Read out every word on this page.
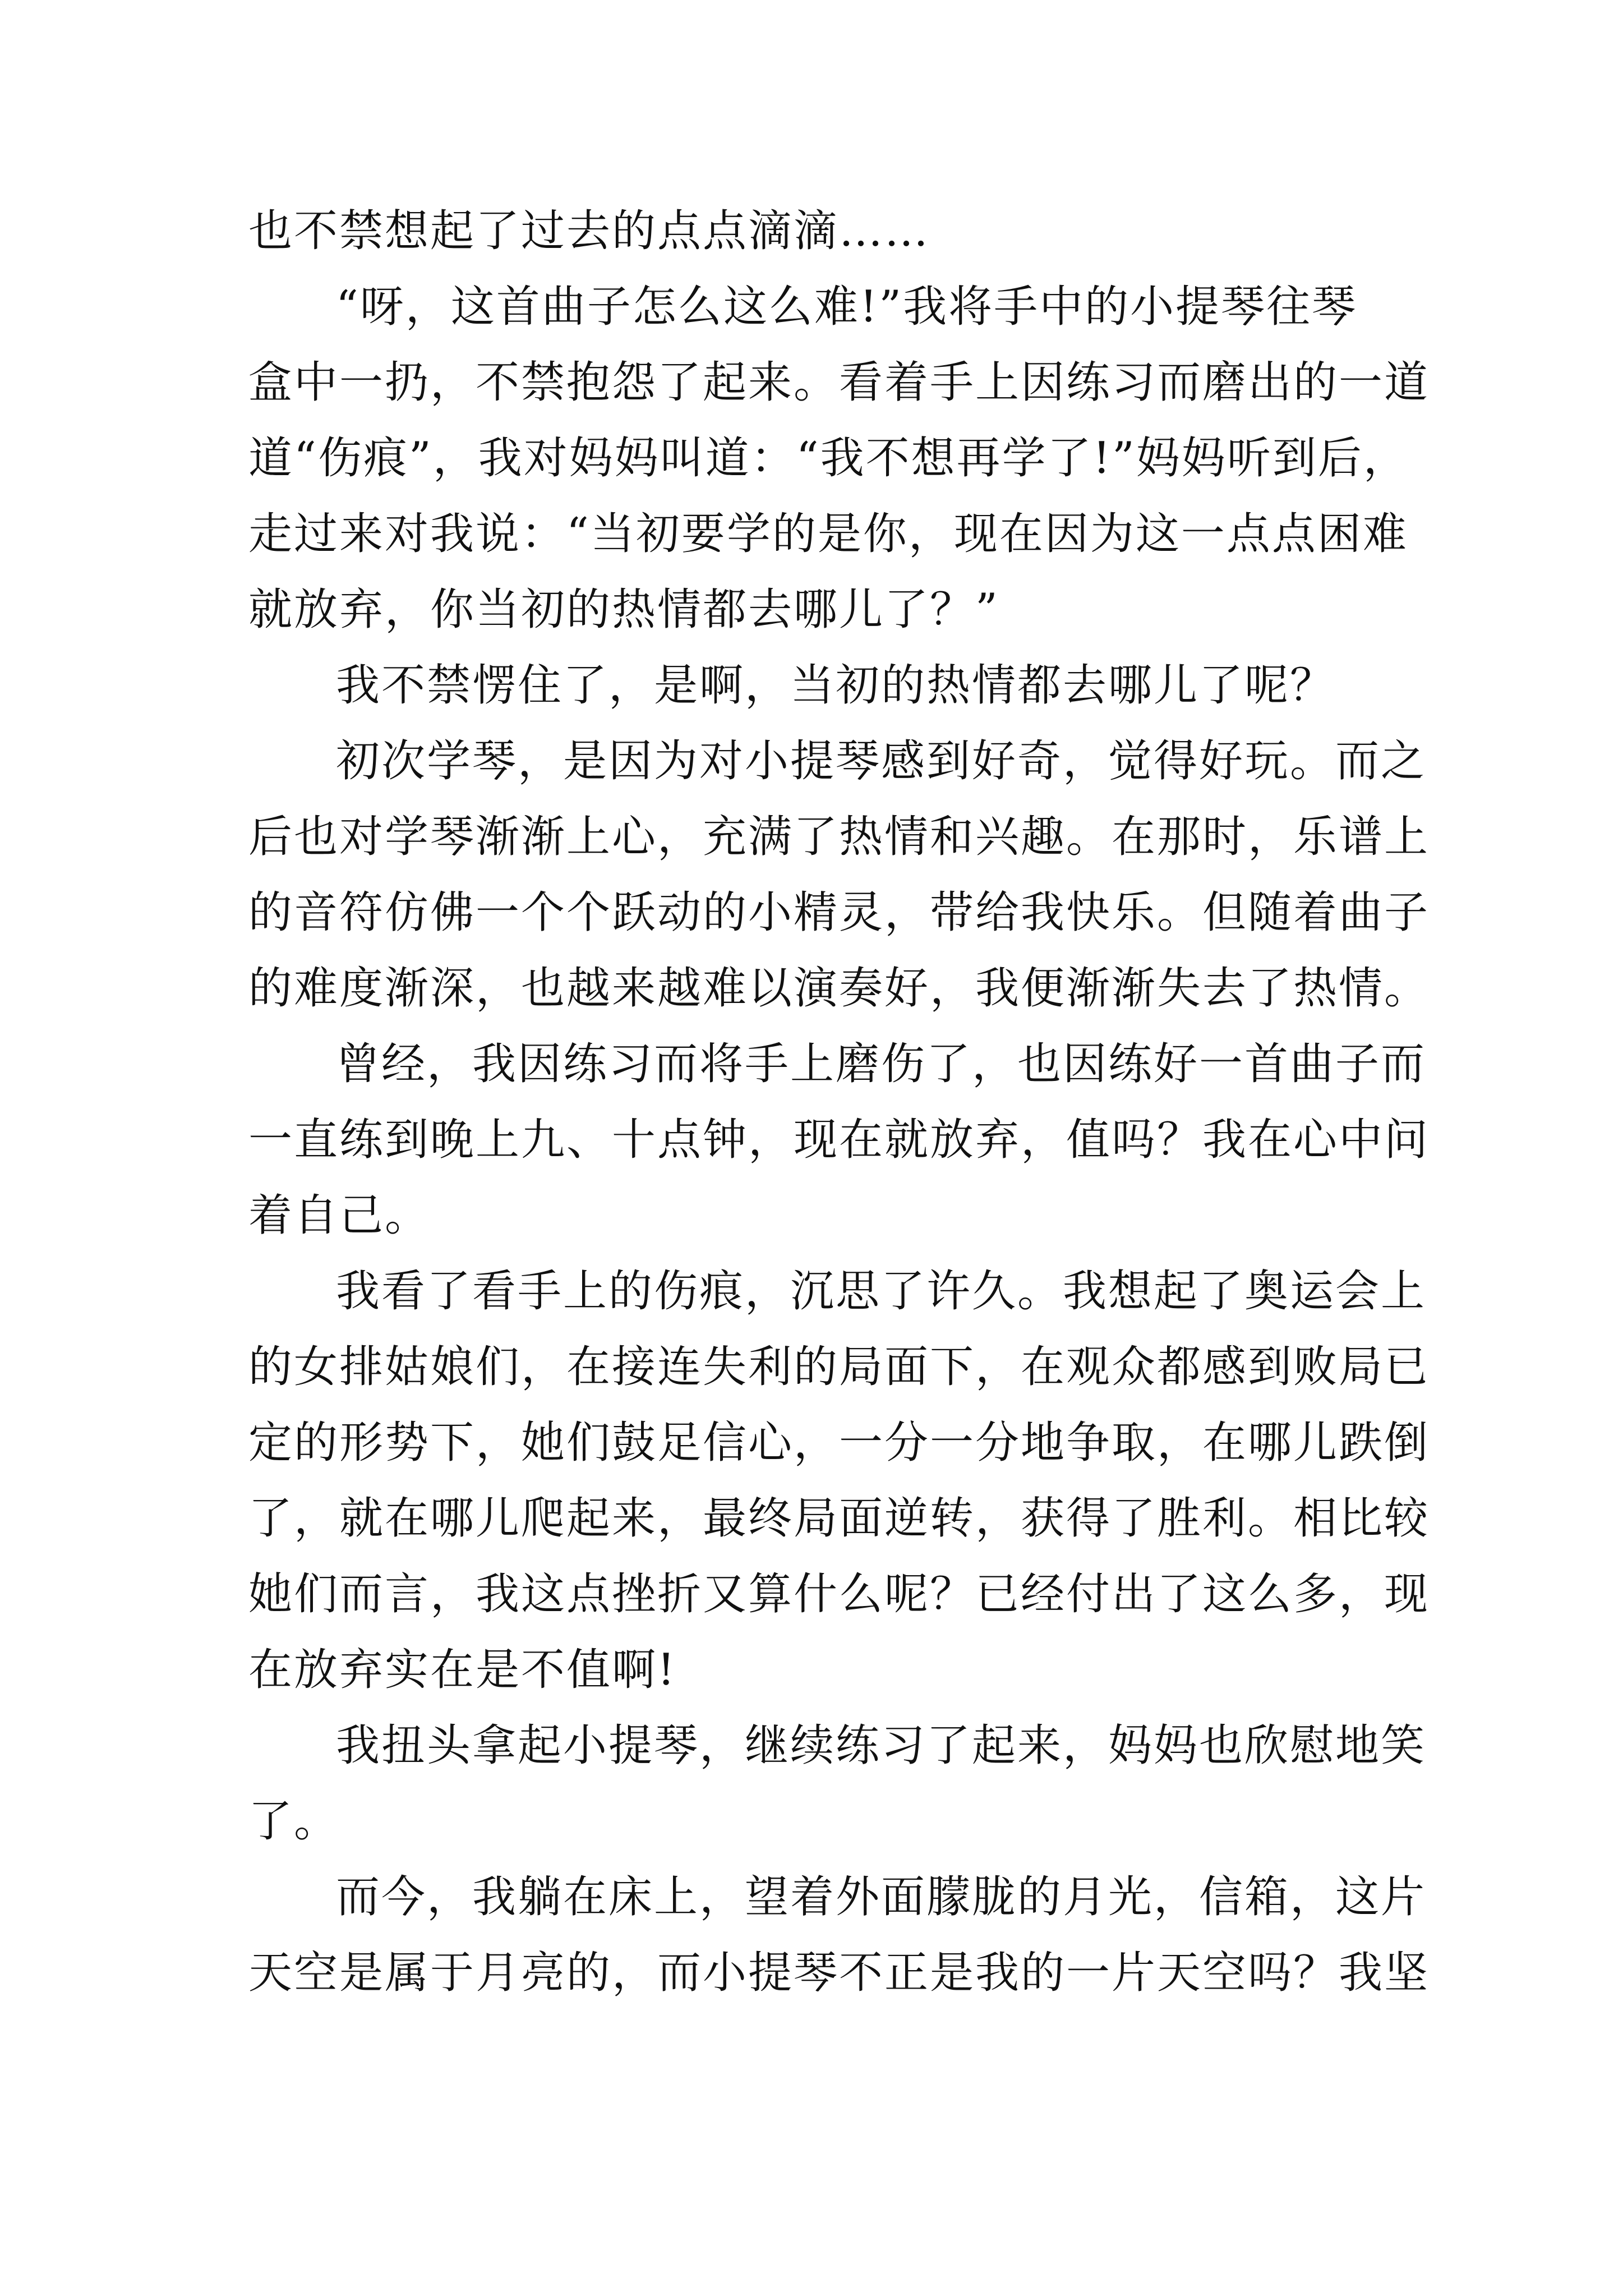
也不禁想起了过去的点点滴滴……
“呀，这首曲子怎么这么难!”我将手中的小提琴往琴
盒中一扔，不禁抱怨了起来。看着手上因练习而磨出的一道
道“伤痕”，我对妈妈叫道：“我不想再学了!”妈妈听到后，
走过来对我说：“当初要学的是你，现在因为这一点点困难
就放弃，你当初的热情都去哪儿了？”
我不禁愣住了，是啊，当初的热情都去哪儿了呢？
初次学琴，是因为对小提琴感到好奇，觉得好玩。而之
后也对学琴渐渐上心，充满了热情和兴趣。在那时，乐谱上
的音符仿佛一个个跃动的小精灵，带给我快乐。但随着曲子
的难度渐深，也越来越难以演奏好，我便渐渐失去了热情。
曾经，我因练习而将手上磨伤了，也因练好一首曲子而
一直练到晚上九、十点钟，现在就放弃，值吗？我在心中问
着自己。
我看了看手上的伤痕，沉思了许久。我想起了奥运会上
的女排姑娘们，在接连失利的局面下，在观众都感到败局已
定的形势下，她们鼓足信心，一分一分地争取，在哪儿跌倒
了，就在哪儿爬起来，最终局面逆转，获得了胜利。相比较
她们而言，我这点挫折又算什么呢？已经付出了这么多，现
在放弃实在是不值啊!
我扭头拿起小提琴，继续练习了起来，妈妈也欣慰地笑
了。
而今，我躺在床上，望着外面朦胧的月光，信箱，这片
天空是属于月亮的，而小提琴不正是我的一片天空吗？我坚
